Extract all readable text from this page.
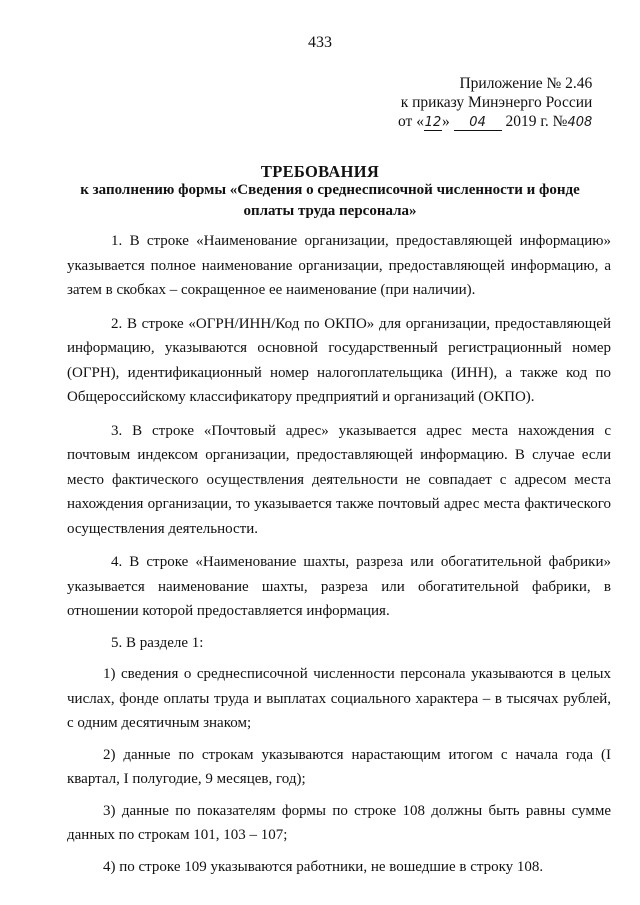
433
Приложение № 2.46
к приказу Минэнерго России
от «12» 04 2019 г. №408
ТРЕБОВАНИЯ
к заполнению формы «Сведения о среднесписочной численности и фонде оплаты труда персонала»

1. В строке «Наименование организации, предоставляющей информацию» указывается полное наименование организации, предоставляющей информацию, а затем в скобках – сокращенное ее наименование (при наличии).

2. В строке «ОГРН/ИНН/Код по ОКПО» для организации, предоставляющей информацию, указываются основной государственный регистрационный номер (ОГРН), идентификационный номер налогоплательщика (ИНН), а также код по Общероссийскому классификатору предприятий и организаций (ОКПО).

3. В строке «Почтовый адрес» указывается адрес места нахождения с почтовым индексом организации, предоставляющей информацию. В случае если место фактического осуществления деятельности не совпадает с адресом места нахождения организации, то указывается также почтовый адрес места фактического осуществления деятельности.

4. В строке «Наименование шахты, разреза или обогатительной фабрики» указывается наименование шахты, разреза или обогатительной фабрики, в отношении которой предоставляется информация.

5. В разделе 1:

1) сведения о среднесписочной численности персонала указываются в целых числах, фонде оплаты труда и выплатах социального характера – в тысячах рублей, с одним десятичным знаком;

2) данные по строкам указываются нарастающим итогом с начала года (I квартал, I полугодие, 9 месяцев, год);

3) данные по показателям формы по строке 108 должны быть равны сумме данных по строкам 101, 103 – 107;

4) по строке 109 указываются работники, не вошедшие в строку 108.
